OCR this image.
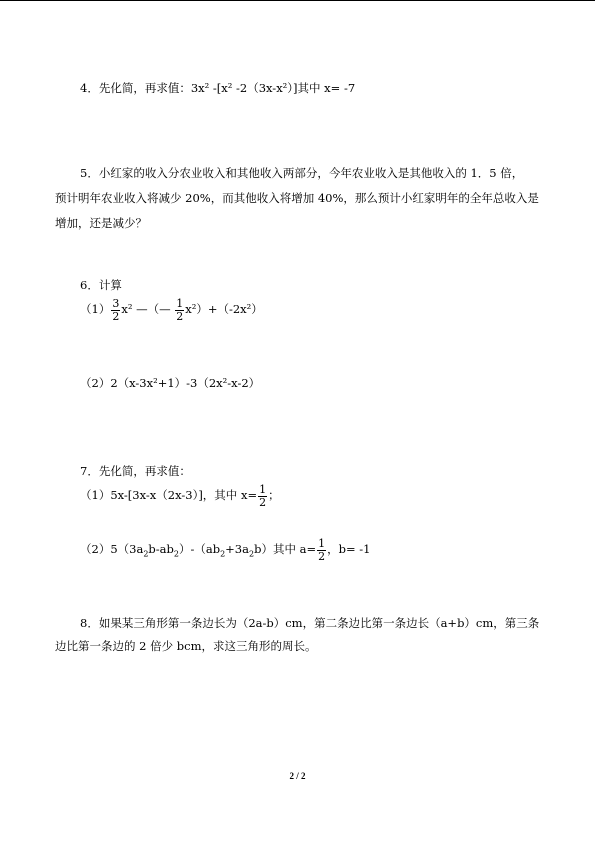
4．先化简，再求值：3x² -[x² -2（3x-x²）]其中 x= -7
5．小红家的收入分农业收入和其他收入两部分，今年农业收入是其他收入的 1．5 倍，
预计明年农业收入将减少 20%，而其他收入将增加 40%，那么预计小红家明年的全年总收入是
增加，还是减少？
6．计算
$(1) \frac{3}{2} x^2$ —（— $\frac{1}{2} x^2)+(-2x^2)$
（2）2（x-3x²+1）-3（2x²-x-2）
7．先化简，再求值：
（1）5x-[3x-x（2x-3）]，其中 $x= \frac{1}{2}$ ；
$(2)5(3a_2b-ab_2)-(ab_2+3a_2b)$其中 $a= \frac{1}{2}$ ，b= -1
8．如果某三角形第一条边长为（2a-b）cm，第二条边比第一条边长（a+b）cm，第三条
边比第一条边的 2 倍少 bcm，求这三角形的周长。
2 / 2
